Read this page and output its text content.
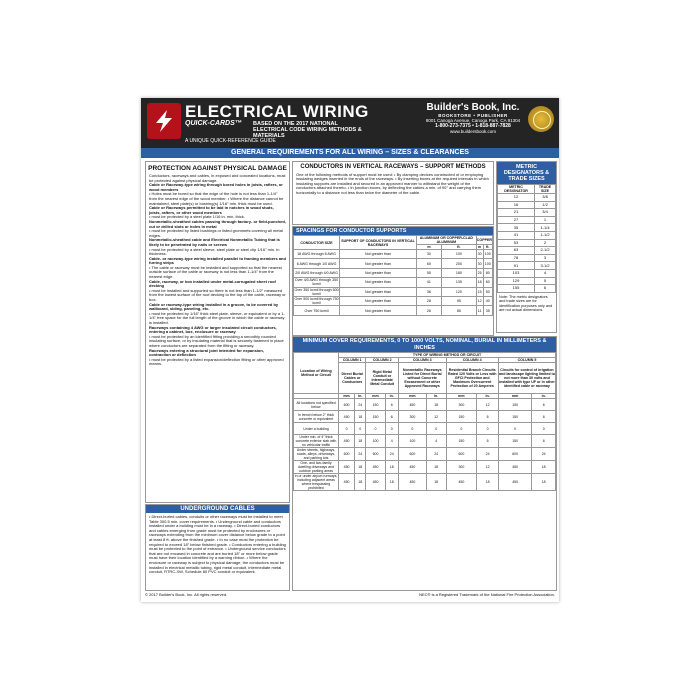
ELECTRICAL WIRING
QUICK-CARDS™ BASED ON THE 2017 NATIONAL ELECTRICAL CODE WIRING METHODS & MATERIALS
A UNIQUE QUICK-REFERENCE GUIDE
Builder's Book, Inc.
BOOKSTORE • PUBLISHER
8001 Canoga Avenue, Canoga Park, CA 91304
1-800-273-7375 • 1-818-887-7828
www.buildersbook.com
GENERAL REQUIREMENTS FOR ALL WIRING – SIZES & CLEARANCES
PROTECTION AGAINST PHYSICAL DAMAGE
Conductors, raceways and cables, in exposed and concealed locations, must be protected against physical damage.
Cable or Raceway-type wiring through bored holes in joists, rafters, or wood members
• Holes must be bored so that the edge of the hole is not less than 1-1/4" from the nearest edge of the wood member. • Where the distance cannot be maintained, steel plate(s) or bushing(s) 1/16" min. thick must be used.
Cable or Raceways permitted to be laid in notches in wood studs, joists, rafters, or other wood members
• must be protected by a steel plate 1/16 in. min. thick.
Nonmetallic-sheathed cables passing through factory- or field-punched, cut or drilled slots or holes in metal
• must be protected by listed bushings or listed grommets covering all metal edges.
Nonmetallic-sheathed cable and Electrical Nonmetallic Tubing that is likely to be penetrated by nails or screws
• must be protected by a steel sleeve, steel plate or steel clip 1/16" min. in thickness.
Cable- or raceway-type wiring installed parallel to framing members and furring strips
• The cable or raceway must be installed and supported so that the nearest outside surface of the cable or raceway is not less than 1-1/4" from the nearest edge.
Cable, raceway, or box installed under metal-corrugated sheet roof decking
• must be installed and supported so there is not less than 1-1/2" measured from the lowest surface of the roof decking to the top of the cable, raceway or box.
Cable or raceway-type wiring installed in a groove, to be covered by wallboard, siding, paneling, etc.
• must be protected by 1/16" thick steel plate, sleeve, or equivalent or by a 1-1/4" free space for the full length of the groove in which the cable or raceway is installed.
Raceways containing 4 AWG or larger insulated circuit conductors, entering a cabinet, box, enclosure or raceway
• must be protected by an identified fitting providing a smoothly rounded insulating surface, or by insulating material that is securely fastened in place where conductors are separated from the fitting or raceway.
Raceways entering a structural joint intended for expansion, contraction or deflection
• must be protected by a listed expansion/deflection fitting or other approved means.
UNDERGROUND CABLES
• Direct-buried cables, conduits or other raceways must be installed to meet Table 300.5 min. cover requirements. • Underground cable and conductors installed under a building must be in a raceway. • Direct-buried conductors and cables emerging from grade must be protected by enclosures or raceways extending from the minimum cover distance below grade to a point at least 8 ft. above the finished grade. • In no case must the protection be required to exceed 18" below finished grade. • Conductors entering a building must be protected to the point of entrance. • Underground service conductors that are not encased in concrete and are buried 18" or more below grade must have their location identified by a warning ribbon. • Where the enclosure or raceway is subject to physical damage, the conductors must be installed in electrical metallic tubing, rigid metal conduit, intermediate metal conduit, RTRC-XW, Schedule 80 PVC conduit or equivalent.
CONDUCTORS IN VERTICAL RACEWAYS – SUPPORT METHODS
One of the following methods of support must be used: • By clamping devices constructed of or employing insulating wedges inserted in the ends of the raceways. • By inserting boxes at the required intervals in which insulating supports are installed and secured in an approved manner to withstand the weight of the conductors attached thereto. • In junction boxes, by deflecting the cables a min. of 90° and carrying them horizontally to a distance not less than twice the diameter of the cable.
SPACINGS FOR CONDUCTOR SUPPORTS
CONDUCTOR SIZE	SUPPORT OF CONDUCTORS IN VERTICAL RACEWAYS	ALUMINUM OR COPPER-CLAD ALUMINUM		COPPER	
		m	ft.	m	ft.
18 AWG through 8 AWG	Not greater than	30	100	30	100
6 AWG through 1/0 AWG	Not greater than	60	200	30	100
2/0 AWG through 4/0 AWG	Not greater than	55	180	25	80
Over 4/0 AWG through 350 kcmil	Not greater than	41	135	18	60
Over 350 kcmil through 500 kcmil	Not greater than	36	120	15	50
Over 500 kcmil through 750 kcmil	Not greater than	28	95	12	40
Over 750 kcmil	Not greater than	26	85	11	35
METRIC DESIGNATORS & TRADE SIZES
METRIC DESIGNATOR	TRADE SIZE
12	3/8
16	1/2
21	3/4
27	1
35	1-1/4
41	1-1/2
53	2
63	2-1/2
78	3
91	3-1/2
103	4
129	5
155	6
Note: The metric designators and trade sizes are for identification purposes only and are not actual dimensions.
MINIMUM COVER REQUIREMENTS, 0 TO 1000 VOLTS, NOMINAL, BURIAL IN MILLIMETERS & INCHES
Location of Wiring Method or Circuit	TYPE OF WIRING METHOD OR CIRCUIT									
	COLUMN 1		COLUMN 2		COLUMN 3		COLUMN 4		COLUMN 5	
	Direct Burial Cables or Conductors		Rigid Metal Conduit or Intermediate Metal Conduit		Nonmetallic Raceways Listed for Direct Burial without Concrete Encasement or other Approved Raceways		Residential Branch Circuits Rated 120 Volts or Less with GFCI Protection and Maximum Overcurrent Protection of 20 Amperes		Circuits for control of irrigation and landscape lighting limited to not more than 30 volts and installed with type UF or in other identified cable or raceway	
	mm	in.	mm	in.	mm	in.	mm	in.	mm	in.
All locations not specified below	600	24	150	6	450	18	300	12	150	6
In trench below 2" thick concrete or equivalent	450	18	150	6	300	12	150	6	150	6
Under a building	0	0	0	0	0	0	0	0	0	0
Under min. of 4" thick concrete exterior slab with no vehicular traffic	450	18	100	4	100	4	150	6	150	6
Under streets, highways, roads, alleys, driveways, and parking lots	600	24	600	24	600	24	600	24	600	24
One- and two-family dwelling driveways and outdoor parking areas	450	18	450	18	450	18	300	12	450	18
In or under airport runways, including adjacent areas where trespassing prohibited	450	18	450	18	450	18	450	18	450	18
© 2017 Builder's Book, Inc. All rights reserved.	NEC® is a Registered Trademark of the National Fire Protection Association.
